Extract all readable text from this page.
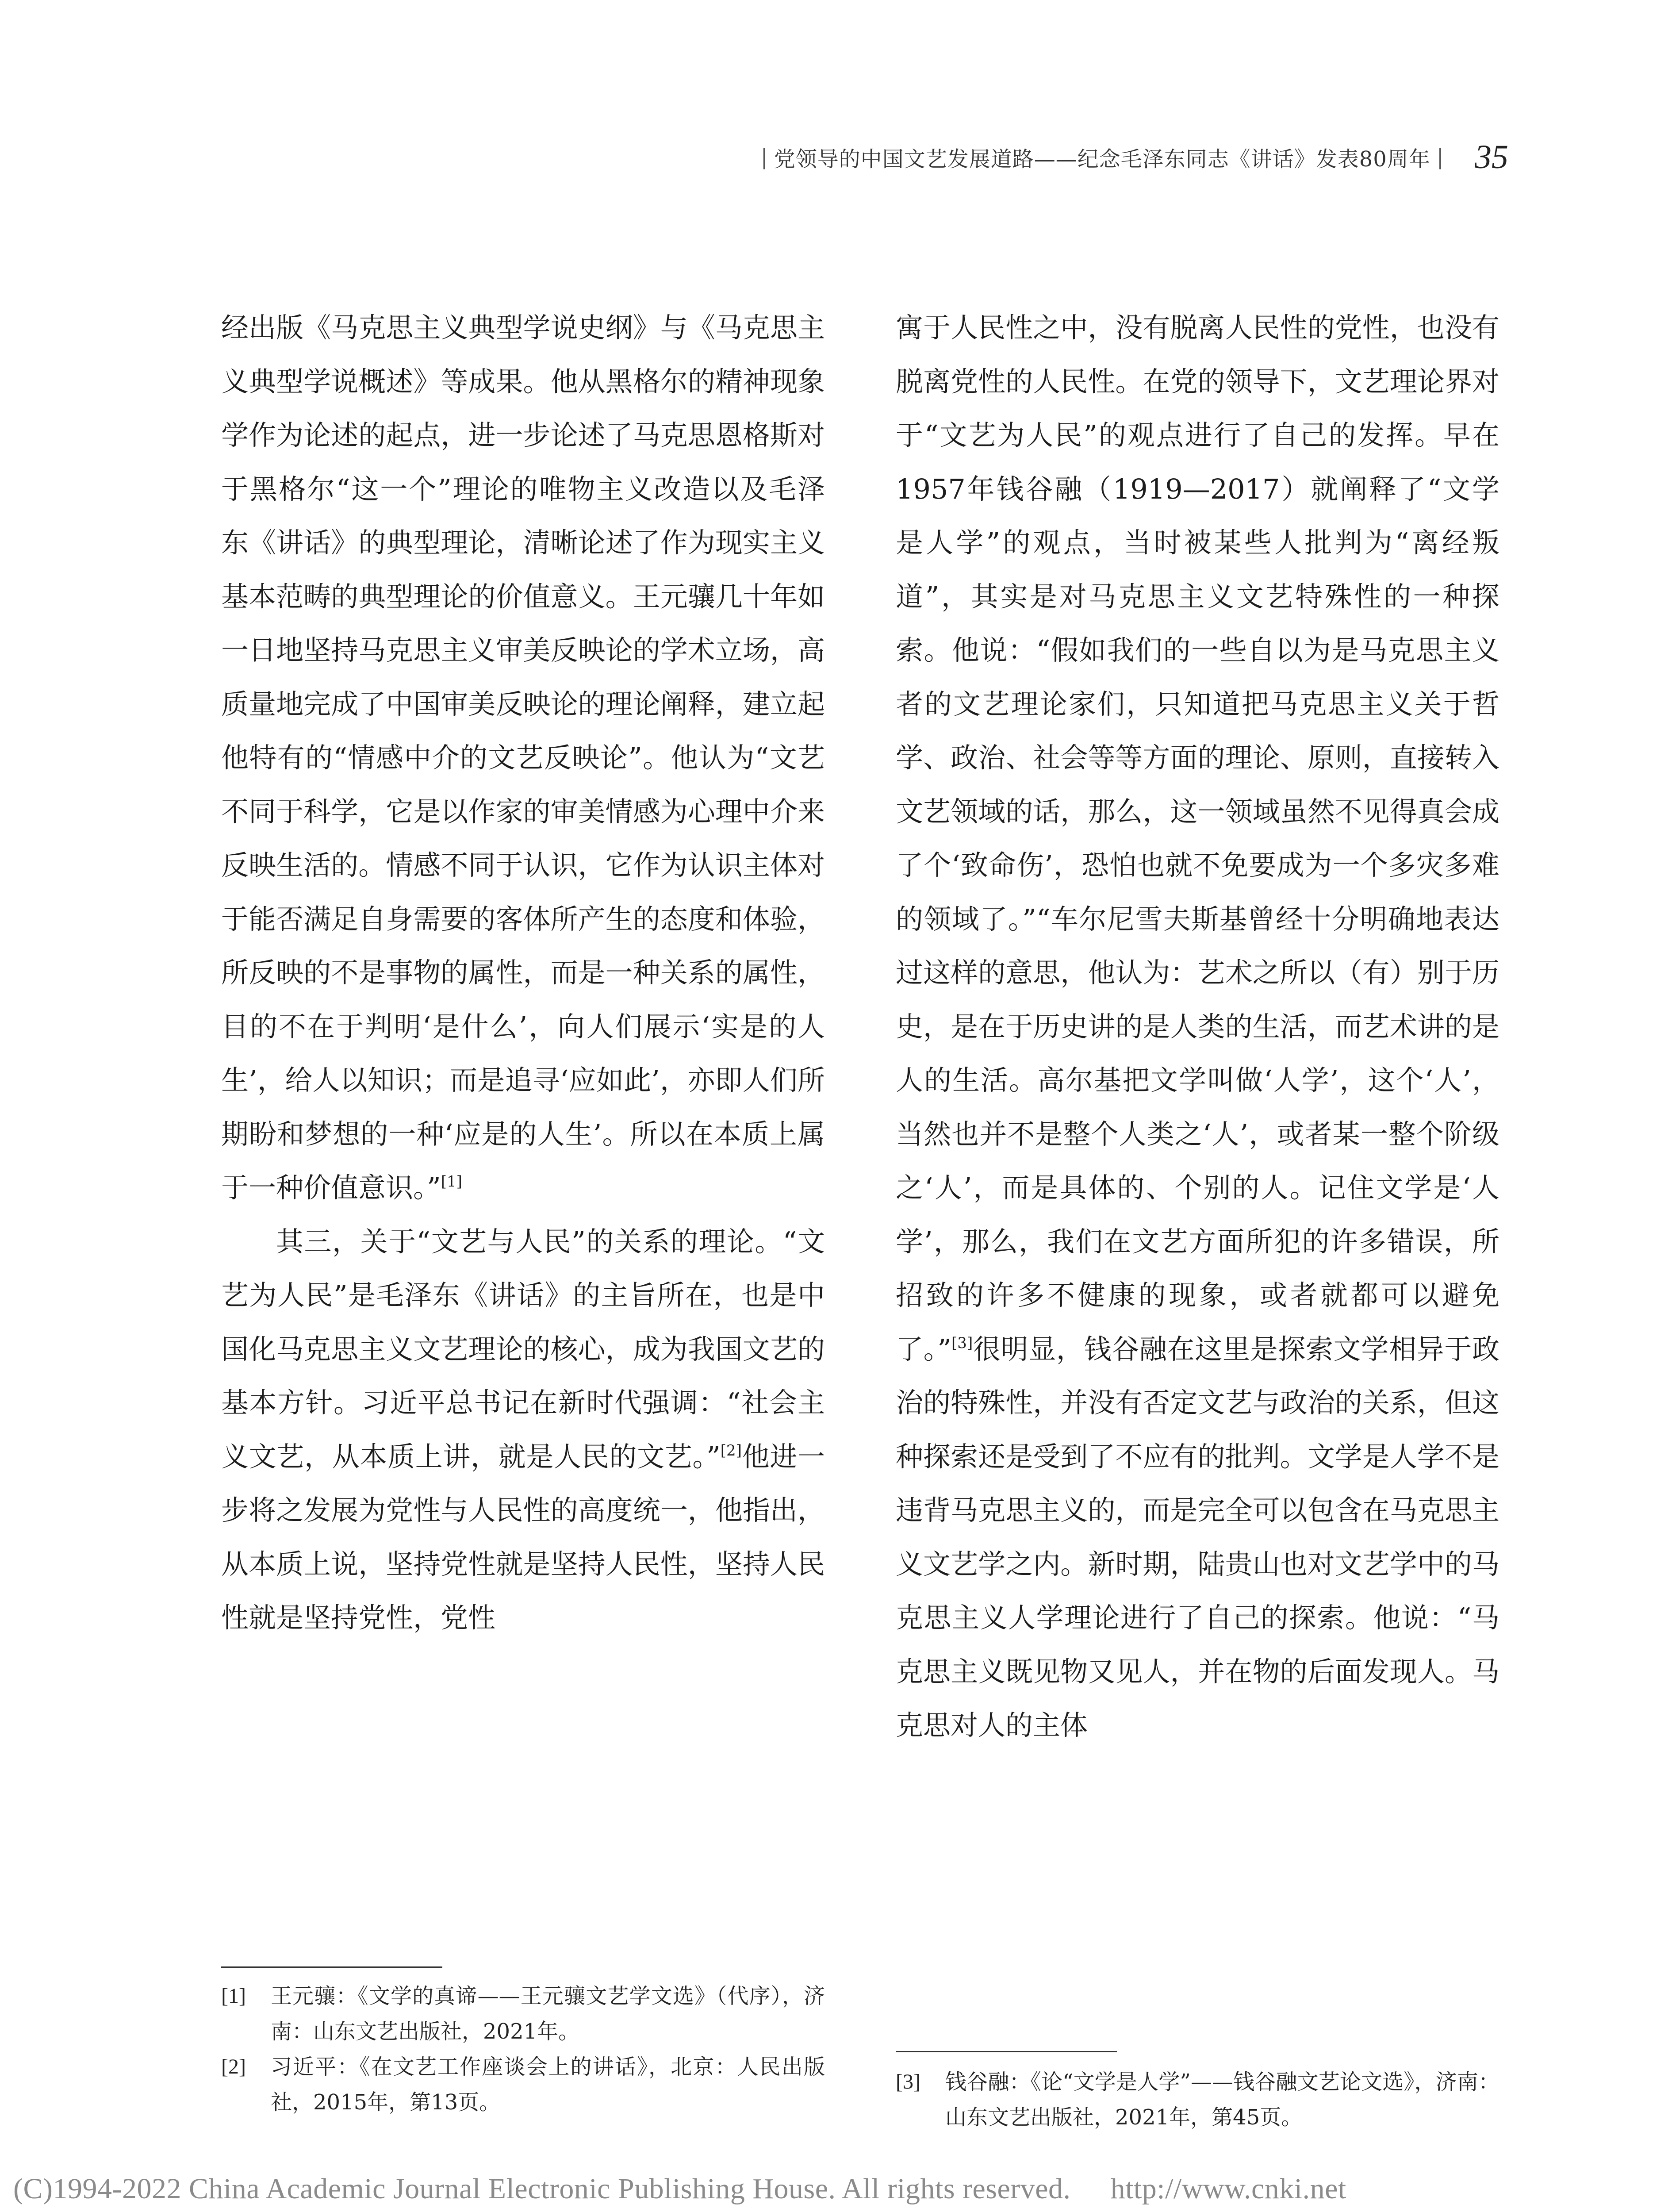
| 党领导的中国文艺发展道路——纪念毛泽东同志《讲话》发表80周年 | 35

经出版《马克思主义典型学说史纲》与《马克思主义典型学说概述》等成果。他从黑格尔的精神现象学作为论述的起点，进一步论述了马克思恩格斯对于黑格尔“这一个”理论的唯物主义改造以及毛泽东《讲话》的典型理论，清晰论述了作为现实主义基本范畴的典型理论的价值意义。王元骧几十年如一日地坚持马克思主义审美反映论的学术立场，高质量地完成了中国审美反映论的理论阐释，建立起他特有的“情感中介的文艺反映论”。他认为“文艺不同于科学，它是以作家的审美情感为心理中介来反映生活的。情感不同于认识，它作为认识主体对于能否满足自身需要的客体所产生的态度和体验，所反映的不是事物的属性，而是一种关系的属性，目的不在于判明‘是什么’，向人们展示‘实是的人生’，给人以知识；而是追寻‘应如此’，亦即人们所期盼和梦想的一种‘应是的人生’。所以在本质上属于一种价值意识。”[1]

其三，关于“文艺与人民”的关系的理论。“文艺为人民”是毛泽东《讲话》的主旨所在，也是中国化马克思主义文艺理论的核心，成为我国文艺的基本方针。习近平总书记在新时代强调：“社会主义文艺，从本质上讲，就是人民的文艺。”[2]他进一步将之发展为党性与人民性的高度统一，他指出，从本质上说，坚持党性就是坚持人民性，坚持人民性就是坚持党性，党性

寓于人民性之中，没有脱离人民性的党性，也没有脱离党性的人民性。在党的领导下，文艺理论界对于“文艺为人民”的观点进行了自己的发挥。早在1957年钱谷融（1919—2017）就阐释了“文学是人学”的观点，当时被某些人批判为“离经叛道”，其实是对马克思主义文艺特殊性的一种探索。他说：“假如我们的一些自以为是马克思主义者的文艺理论家们，只知道把马克思主义关于哲学、政治、社会等等方面的理论、原则，直接转入文艺领域的话，那么，这一领域虽然不见得真会成了个‘致命伤’，恐怕也就不免要成为一个多灾多难的领域了。”“车尔尼雪夫斯基曾经十分明确地表达过这样的意思，他认为：艺术之所以（有）别于历史，是在于历史讲的是人类的生活，而艺术讲的是人的生活。高尔基把文学叫做‘人学’，这个‘人’，当然也并不是整个人类之‘人’，或者某一整个阶级之‘人’，而是具体的、个别的人。记住文学是‘人学’，那么，我们在文艺方面所犯的许多错误，所招致的许多不健康的现象，或者就都可以避免了。”[3]很明显，钱谷融在这里是探索文学相异于政治的特殊性，并没有否定文艺与政治的关系，但这种探索还是受到了不应有的批判。文学是人学不是违背马克思主义的，而是完全可以包含在马克思主义文艺学之内。新时期，陆贵山也对文艺学中的马克思主义人学理论进行了自己的探索。他说：“马克思主义既见物又见人，并在物的后面发现人。马克思对人的主体

[1]	王元骧：《文学的真谛——王元骧文艺学文选》（代序），济南：山东文艺出版社，2021年。
[2]	习近平：《在文艺工作座谈会上的讲话》，北京：人民出版社，2015年，第13页。
[3]	钱谷融：《论“文学是人学”——钱谷融文艺论文选》，济南：山东文艺出版社，2021年，第45页。
(C)1994-2022 China Academic Journal Electronic Publishing House. All rights reserved. http://www.cnki.net
